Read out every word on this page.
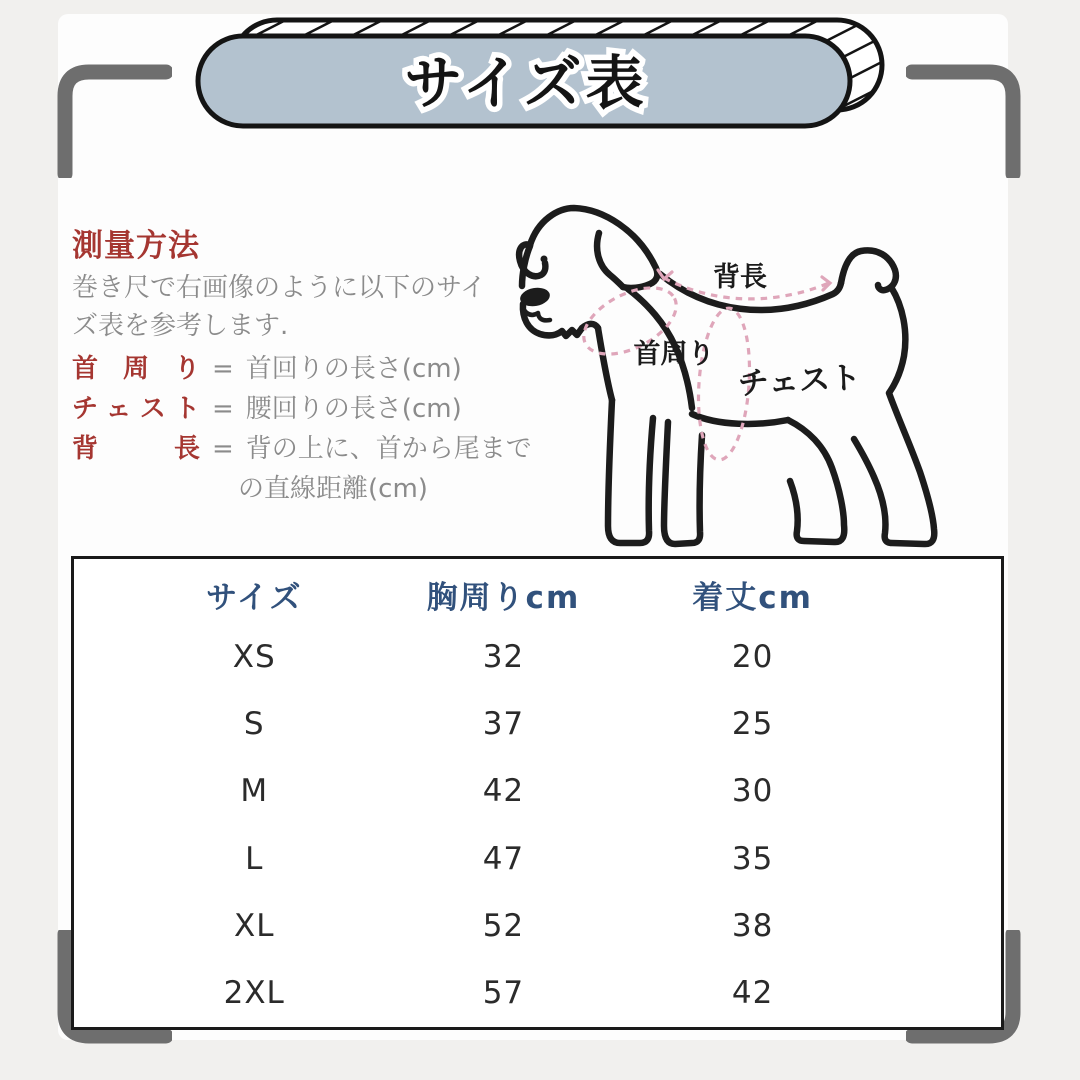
サイズ表
測量方法
巻き尺で右画像のように以下のサイ
ズ表を参考します.
首周り = 首回りの長さ(cm)
チェスト = 腰回りの長さ(cm)
背長 = 背の上に、首から尾まで
の直線距離(cm)
背長
首周り
チェスト
サイズ	胸周りcm	着丈cm
XS	32	20
S	37	25
M	42	30
L	47	35
XL	52	38
2XL	57	42
